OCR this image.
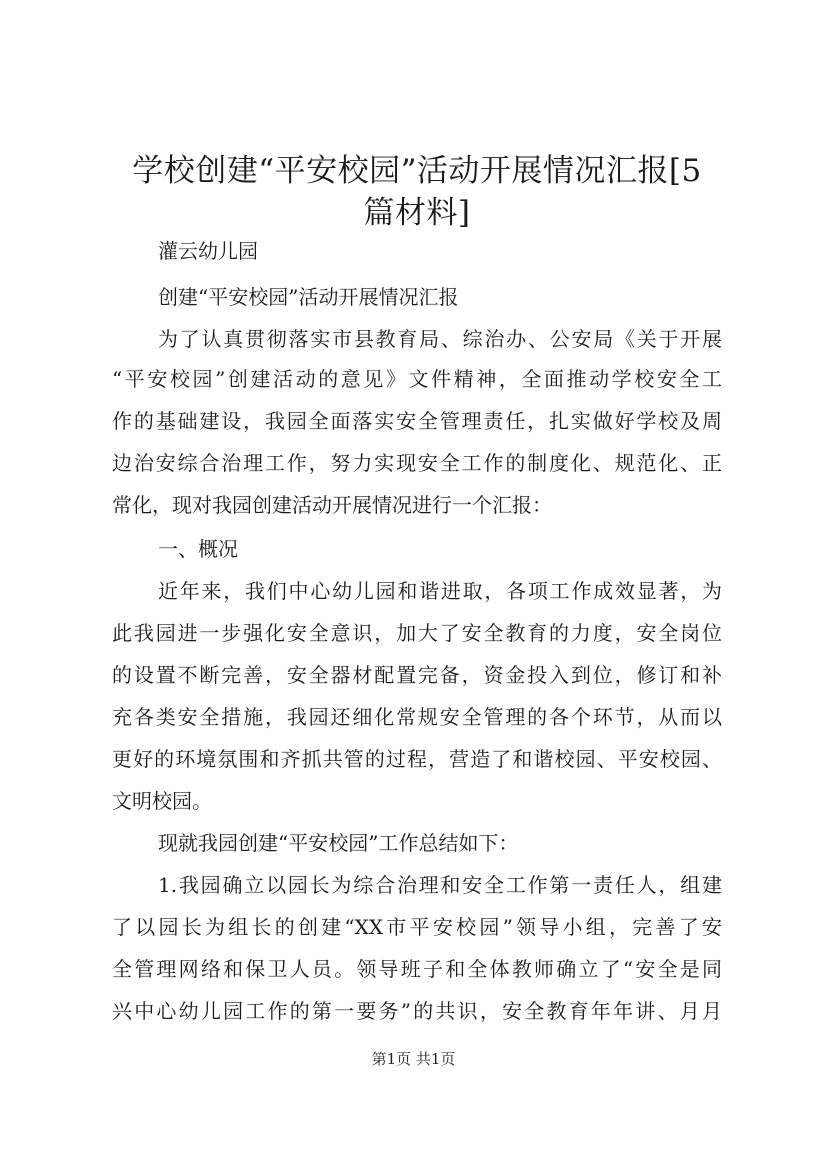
学校创建“平安校园”活动开展情况汇报[5
篇材料]
灌云幼儿园
创建“平安校园”活动开展情况汇报
为了认真贯彻落实市县教育局、综治办、公安局《关于开展
“平安校园”创建活动的意见》文件精神，全面推动学校安全工
作的基础建设，我园全面落实安全管理责任，扎实做好学校及周
边治安综合治理工作，努力实现安全工作的制度化、规范化、正
常化，现对我园创建活动开展情况进行一个汇报：
一、概况
近年来，我们中心幼儿园和谐进取，各项工作成效显著，为
此我园进一步强化安全意识，加大了安全教育的力度，安全岗位
的设置不断完善，安全器材配置完备，资金投入到位，修订和补
充各类安全措施，我园还细化常规安全管理的各个环节，从而以
更好的环境氛围和齐抓共管的过程，营造了和谐校园、平安校园、
文明校园。
现就我园创建“平安校园”工作总结如下：
1.我园确立以园长为综合治理和安全工作第一责任人，组建
了以园长为组长的创建“XX市平安校园”领导小组，完善了安
全管理网络和保卫人员。领导班子和全体教师确立了“安全是同
兴中心幼儿园工作的第一要务”的共识，安全教育年年讲、月月
第1页 共1页
